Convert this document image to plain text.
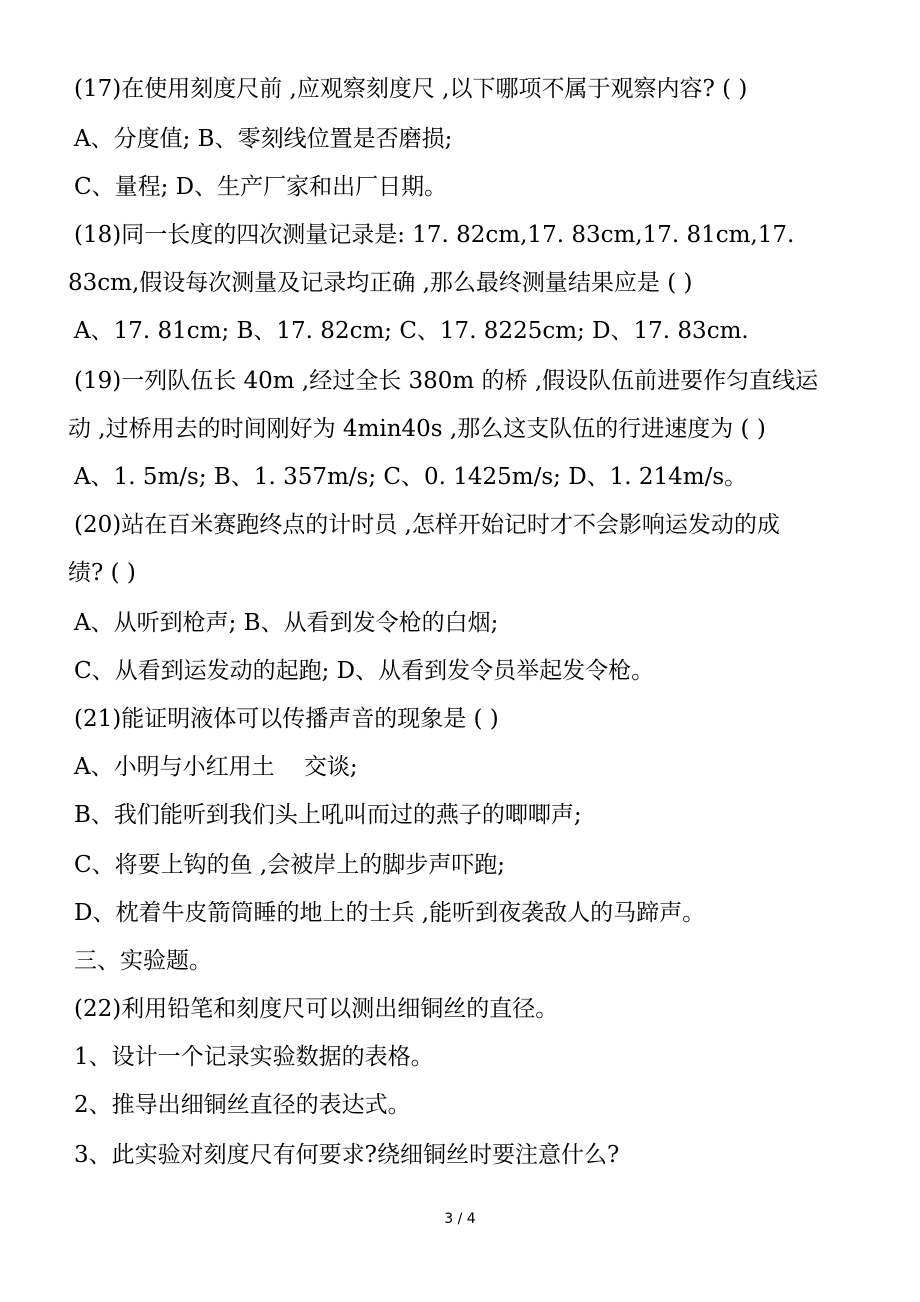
(17)在使用刻度尺前 ,应观察刻度尺 ,以下哪项不属于观察内容? ( )
A、分度值; B、零刻线位置是否磨损;
C、量程; D、生产厂家和出厂日期。
(18)同一长度的四次测量记录是: 17. 82cm,17. 83cm,17. 81cm,17.
83cm,假设每次测量及记录均正确 ,那么最终测量结果应是 ( )
A、17. 81cm; B、17. 82cm; C、17. 8225cm; D、17. 83cm.
(19)一列队伍长 40m ,经过全长 380m 的桥 ,假设队伍前进要作匀直线运
动 ,过桥用去的时间刚好为 4min40s ,那么这支队伍的行进速度为 ( )
A、1. 5m/s; B、1. 357m/s; C、0. 1425m/s; D、1. 214m/s。
(20)站在百米赛跑终点的计时员 ,怎样开始记时才不会影响运发动的成
绩? ( )
A、从听到枪声; B、从看到发令枪的白烟;
C、从看到运发动的起跑; D、从看到发令员举起发令枪。
(21)能证明液体可以传播声音的现象是 ( )
A、小明与小红用土    交谈;
B、我们能听到我们头上吼叫而过的燕子的唧唧声;
C、将要上钩的鱼 ,会被岸上的脚步声吓跑;
D、枕着牛皮箭筒睡的地上的士兵 ,能听到夜袭敌人的马蹄声。
三、实验题。
(22)利用铅笔和刻度尺可以测出细铜丝的直径。
1、设计一个记录实验数据的表格。
2、推导出细铜丝直径的表达式。
3、此实验对刻度尺有何要求?绕细铜丝时要注意什么?
3 / 4
